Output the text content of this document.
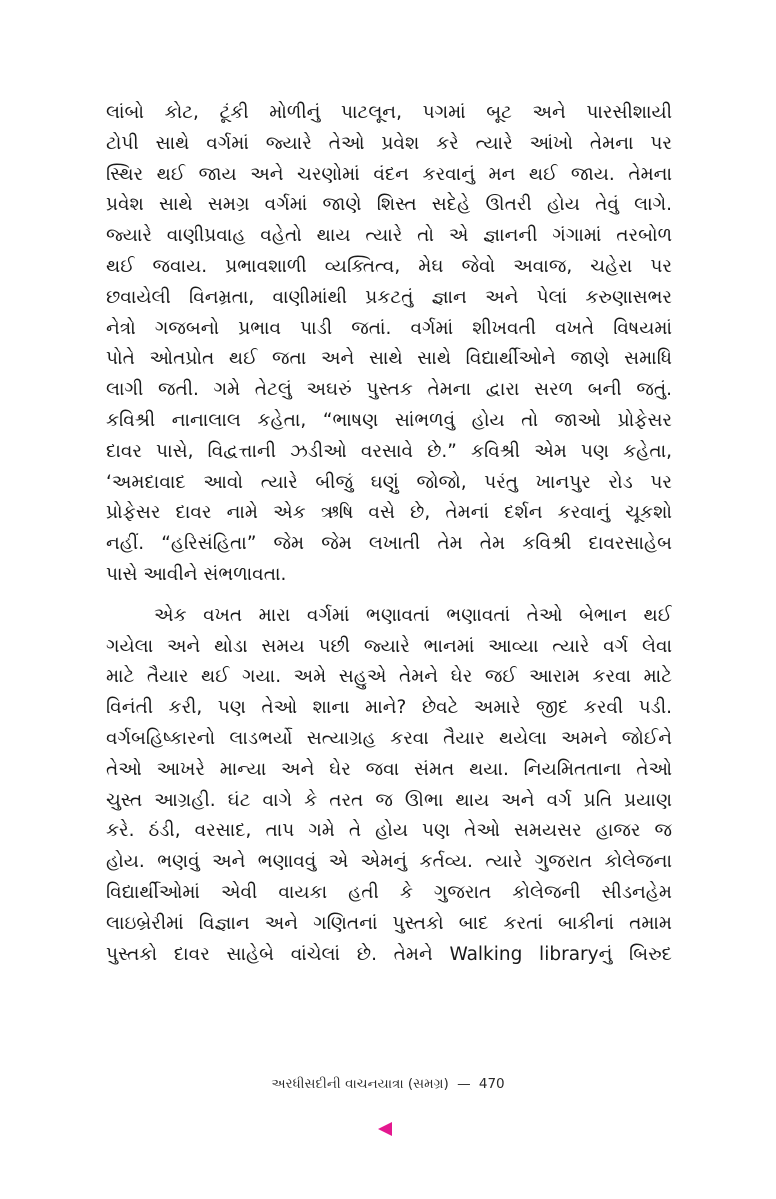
લાંબો કોટ, ટૂંકી મોળીનું પાટલૂન, પગમાં બૂટ અને પારસીશાયી
ટોપી સાથે વર્ગમાં જ્યારે તેઓ પ્રવેશ કરે ત્યારે આંખો તેમના પર
સ્થિર થઈ જાય અને ચરણોમાં વંદન કરવાનું મન થઈ જાય. તેમના
પ્રવેશ સાથે સમગ્ર વર્ગમાં જાણે શિસ્ત સદેહે ઊતરી હોય તેવું લાગે.
જ્યારે વાણીપ્રવાહ વહેતો થાય ત્યારે તો એ જ્ઞાનની ગંગામાં તરબોળ
થઈ જવાય. પ્રભાવશાળી વ્યક્તિત્વ, મેઘ જેવો અવાજ, ચહેરા પર
છવાયેલી વિનમ્રતા, વાણીમાંથી પ્રકટતું જ્ઞાન અને પેલાં કરુણાસભર
નેત્રો ગજબનો પ્રભાવ પાડી જતાં. વર્ગમાં શીખવતી વખતે વિષયમાં
પોતે ઓતપ્રોત થઈ જતા અને સાથે સાથે વિદ્યાર્થીઓને જાણે સમાધિ
લાગી જતી. ગમે તેટલું અઘરું પુસ્તક તેમના દ્વારા સરળ બની જતું.
કવિશ્રી નાનાલાલ કહેતા, “ભાષણ સાંભળવું હોય તો જાઓ પ્રોફેસર
દાવર પાસે, વિદ્વત્તાની ઝડીઓ વરસાવે છે.” કવિશ્રી એમ પણ કહેતા,
‘અમદાવાદ આવો ત્યારે બીજું ઘણું જોજો, પરંતુ ખાનપુર રોડ પર
પ્રોફેસર દાવર નામે એક ઋષિ વસે છે, તેમનાં દર્શન કરવાનું ચૂકશો
નહીં. “હરિસંહિતા” જેમ જેમ લખાતી તેમ તેમ કવિશ્રી દાવરસાહેબ
પાસે આવીને સંભળાવતા.
એક વખત મારા વર્ગમાં ભણાવતાં ભણાવતાં તેઓ બેભાન થઈ
ગયેલા અને થોડા સમય પછી જ્યારે ભાનમાં આવ્યા ત્યારે વર્ગ લેવા
માટે તૈયાર થઈ ગયા. અમે સહુએ તેમને ઘેર જઈ આરામ કરવા માટે
વિનંતી કરી, પણ તેઓ શાના માને? છેવટે અમારે જીદ કરવી પડી.
વર્ગબહિષ્કારનો લાડભર્યો સત્યાગ્રહ કરવા તૈયાર થયેલા અમને જોઈને
તેઓ આખરે માન્યા અને ઘેર જવા સંમત થયા. નિયમિતતાના તેઓ
ચુસ્ત આગ્રહી. ઘંટ વાગે કે તરત જ ઊભા થાય અને વર્ગ પ્રતિ પ્રયાણ
કરે. ઠંડી, વરસાદ, તાપ ગમે તે હોય પણ તેઓ સમયસર હાજર જ
હોય. ભણવું અને ભણાવવું એ એમનું કર્તવ્ય. ત્યારે ગુજરાત કોલેજના
વિદ્યાર્થીઓમાં એવી વાયકા હતી કે ગુજરાત કોલેજની સીડનહેમ
લાઇબ્રેરીમાં વિજ્ઞાન અને ગણિતનાં પુસ્તકો બાદ કરતાં બાકીનાં તમામ
પુસ્તકો દાવર સાહેબે વાંચેલાં છે. તેમને Walking libraryનું બિરુદ
અરધીસદીની વાચનયાત્રા (સમગ્ર) — 470
